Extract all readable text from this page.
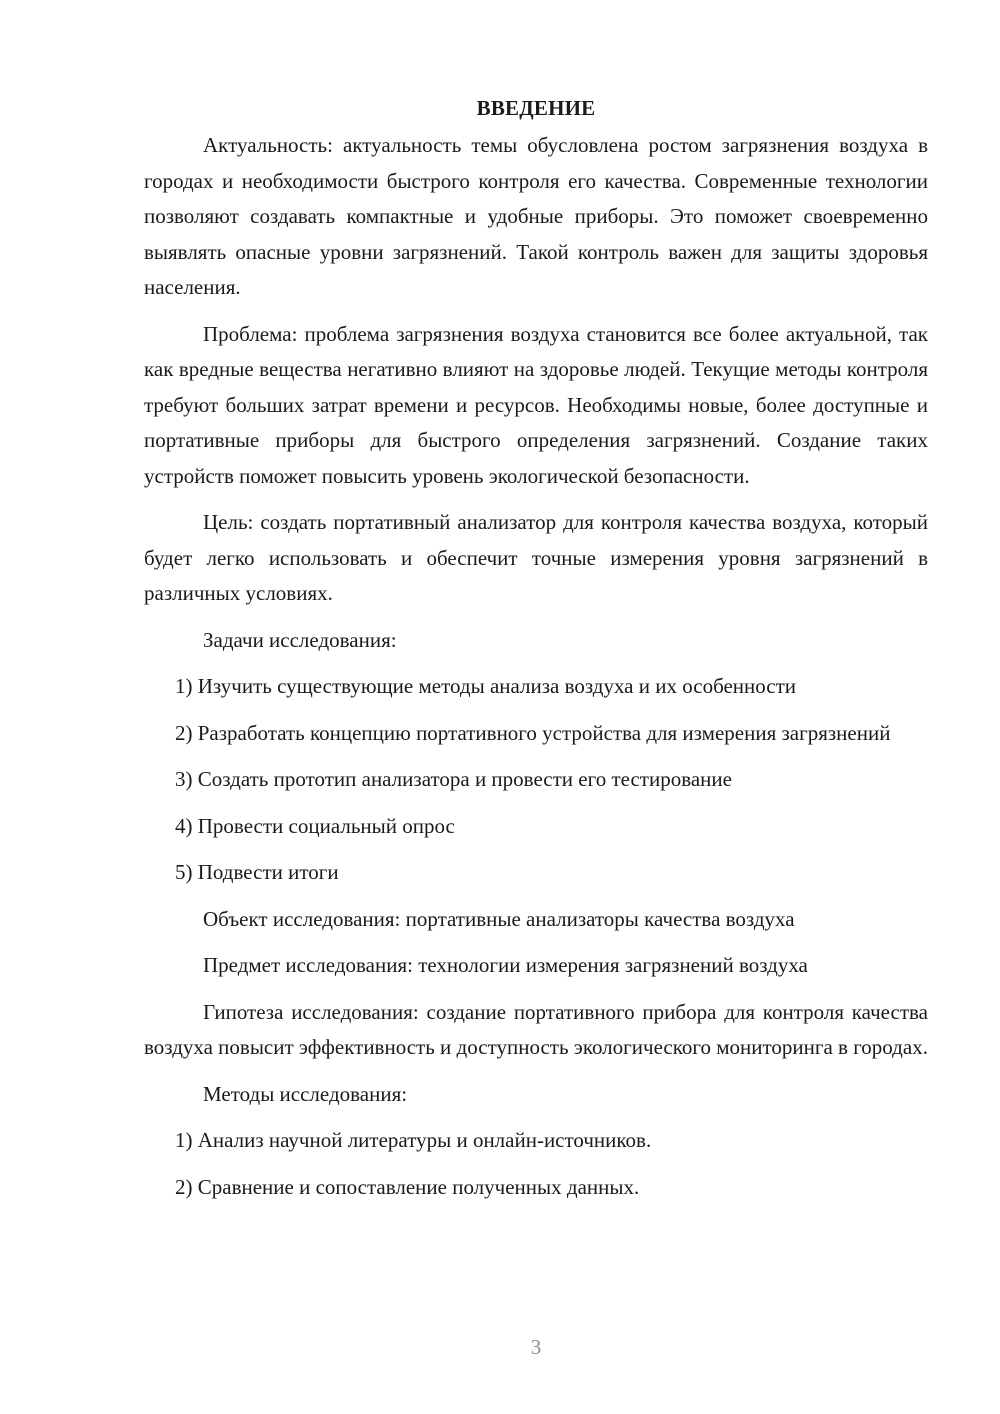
ВВЕДЕНИЕ

Актуальность: актуальность темы обусловлена ростом загрязнения воздуха в городах и необходимости быстрого контроля его качества. Современные технологии позволяют создавать компактные и удобные приборы. Это поможет своевременно выявлять опасные уровни загрязнений. Такой контроль важен для защиты здоровья населения.

Проблема: проблема загрязнения воздуха становится все более актуальной, так как вредные вещества негативно влияют на здоровье людей. Текущие методы контроля требуют больших затрат времени и ресурсов. Необходимы новые, более доступные и портативные приборы для быстрого определения загрязнений. Создание таких устройств поможет повысить уровень экологической безопасности.

Цель: создать портативный анализатор для контроля качества воздуха, который будет легко использовать и обеспечит точные измерения уровня загрязнений в различных условиях.

Задачи исследования:

1) Изучить существующие методы анализа воздуха и их особенности

2) Разработать концепцию портативного устройства для измерения загрязнений

3) Создать прототип анализатора и провести его тестирование

4) Провести социальный опрос

5) Подвести итоги

Объект исследования: портативные анализаторы качества воздуха

Предмет исследования: технологии измерения загрязнений воздуха

Гипотеза исследования: создание портативного прибора для контроля качества воздуха повысит эффективность и доступность экологического мониторинга в городах.

Методы исследования:

1) Анализ научной литературы и онлайн-источников.

2) Сравнение и сопоставление полученных данных.

3
